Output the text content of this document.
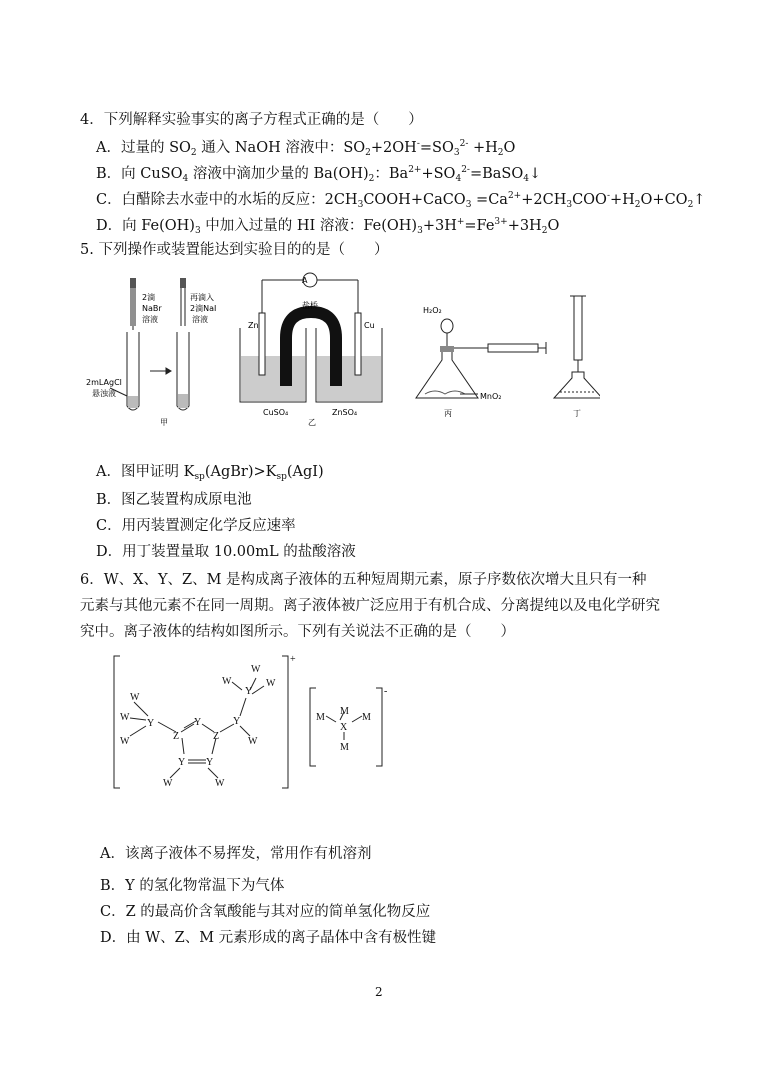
4．下列解释实验事实的离子方程式正确的是（　　）
A．过量的 $SO_2$ 通入 NaOH 溶液中：$SO_2+2OH^-=SO_3^{2-} +H_2O$
B．向 CuSO$_4$ 溶液中滴加少量的 $Ba(OH)_2$：$Ba^{2+}+SO_4^{2-}=BaSO_4↓$
C．白醋除去水壶中的水垢的反应：$2CH_3COOH+CaCO_3$ $=Ca^{2+}+2CH_3COO^-+H_2O+CO_2↑$
D．向 $Fe(OH)_3$ 中加入过量的 HI 溶液：$Fe(OH)_3+3H^+=Fe^{3+}+3H_2O$
5. 下列操作或装置能达到实验目的的是（　　）
2滴
NaBr
溶液
再滴入
2滴NaI
溶液
2mLAgCl
悬浊液
甲
A
盐桥
Zn	Cu
CuSO₄	ZnSO₄
乙
H₂O₂
MnO₂
丙	丁
A．图甲证明 $K_{sp}(AgBr)>K_{sp}(AgI)$
B．图乙装置构成原电池
C．用丙装置测定化学反应速率
D．用丁装置量取 10.00mL 的盐酸溶液
6．W、X、Y、Z、M 是构成离子液体的五种短周期元素，原子序数依次增大且只有一种
元素与其他元素不在同一周期。离子液体被广泛应用于有机合成、分离提纯以及电化学研究
究中。离子液体的结构如图所示。下列有关说法不正确的是（　　）
W
W
W
Y
Z
Y
Z
Y Y
W	W
Y
Y
W
W	W
W
M
M	M
X
M
+
-
A．该离子液体不易挥发，常用作有机溶剂
B．Y 的氢化物常温下为气体
C．Z 的最高价含氧酸能与其对应的简单氢化物反应
D．由 W、Z、M 元素形成的离子晶体中含有极性键
2
